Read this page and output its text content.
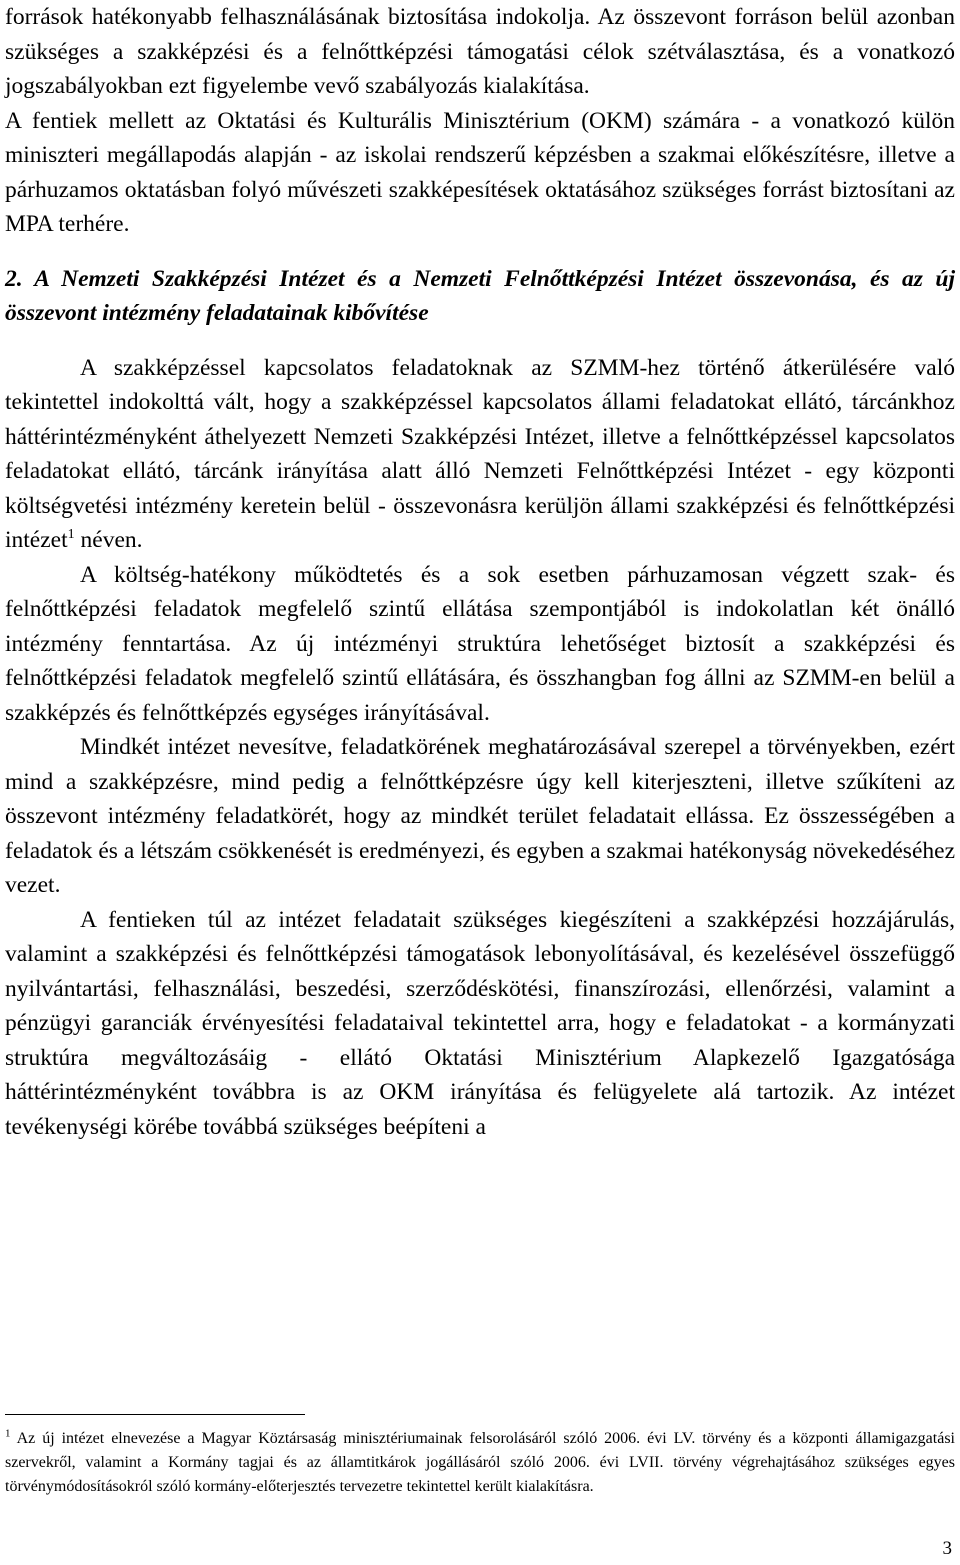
források hatékonyabb felhasználásának biztosítása indokolja. Az összevont forráson belül azonban szükséges a szakképzési és a felnőttképzési támogatási célok szétválasztása, és a vonatkozó jogszabályokban ezt figyelembe vevő szabályozás kialakítása.

A fentiek mellett az Oktatási és Kulturális Minisztérium (OKM) számára - a vonatkozó külön miniszteri megállapodás alapján - az iskolai rendszerű képzésben a szakmai előkészítésre, illetve a párhuzamos oktatásban folyó művészeti szakképesítések oktatásához szükséges forrást biztosítani az MPA terhére.

2. A Nemzeti Szakképzési Intézet és a Nemzeti Felnőttképzési Intézet összevonása, és az új összevont intézmény feladatainak kibővítése

A szakképzéssel kapcsolatos feladatoknak az SZMM-hez történő átkerülésére való tekintettel indokolttá vált, hogy a szakképzéssel kapcsolatos állami feladatokat ellátó, tárcánkhoz háttérintézményként áthelyezett Nemzeti Szakképzési Intézet, illetve a felnőttképzéssel kapcsolatos feladatokat ellátó, tárcánk irányítása alatt álló Nemzeti Felnőttképzési Intézet - egy központi költségvetési intézmény keretein belül - összevonásra kerüljön állami szakképzési és felnőttképzési intézet$^1$ néven.

A költség-hatékony működtetés és a sok esetben párhuzamosan végzett szak- és felnőttképzési feladatok megfelelő szintű ellátása szempontjából is indokolatlan két önálló intézmény fenntartása. Az új intézményi struktúra lehetőséget biztosít a szakképzési és felnőttképzési feladatok megfelelő szintű ellátására, és összhangban fog állni az SZMM-en belül a szakképzés és felnőttképzés egységes irányításával.

Mindkét intézet nevesítve, feladatkörének meghatározásával szerepel a törvényekben, ezért mind a szakképzésre, mind pedig a felnőttképzésre úgy kell kiterjeszteni, illetve szűkíteni az összevont intézmény feladatkörét, hogy az mindkét terület feladatait ellássa. Ez összességében a feladatok és a létszám csökkenését is eredményezi, és egyben a szakmai hatékonyság növekedéséhez vezet.

A fentieken túl az intézet feladatait szükséges kiegészíteni a szakképzési hozzájárulás, valamint a szakképzési és felnőttképzési támogatások lebonyolításával, és kezelésével összefüggő nyilvántartási, felhasználási, beszedési, szerződéskötési, finanszírozási, ellenőrzési, valamint a pénzügyi garanciák érvényesítési feladataival tekintettel arra, hogy e feladatokat - a kormányzati struktúra megváltozásáig - ellátó Oktatási Minisztérium Alapkezelő Igazgatósága háttérintézményként továbbra is az OKM irányítása és felügyelete alá tartozik. Az intézet tevékenységi körébe továbbá szükséges beépíteni a

$^1$ Az új intézet elnevezése a Magyar Köztársaság minisztériumainak felsorolásáról szóló 2006. évi LV. törvény és a központi államigazgatási szervekről, valamint a Kormány tagjai és az államtitkárok jogállásáról szóló 2006. évi LVII. törvény végrehajtásához szükséges egyes törvénymódosításokról szóló kormány-előterjesztés tervezetre tekintettel került kialakításra.
3
